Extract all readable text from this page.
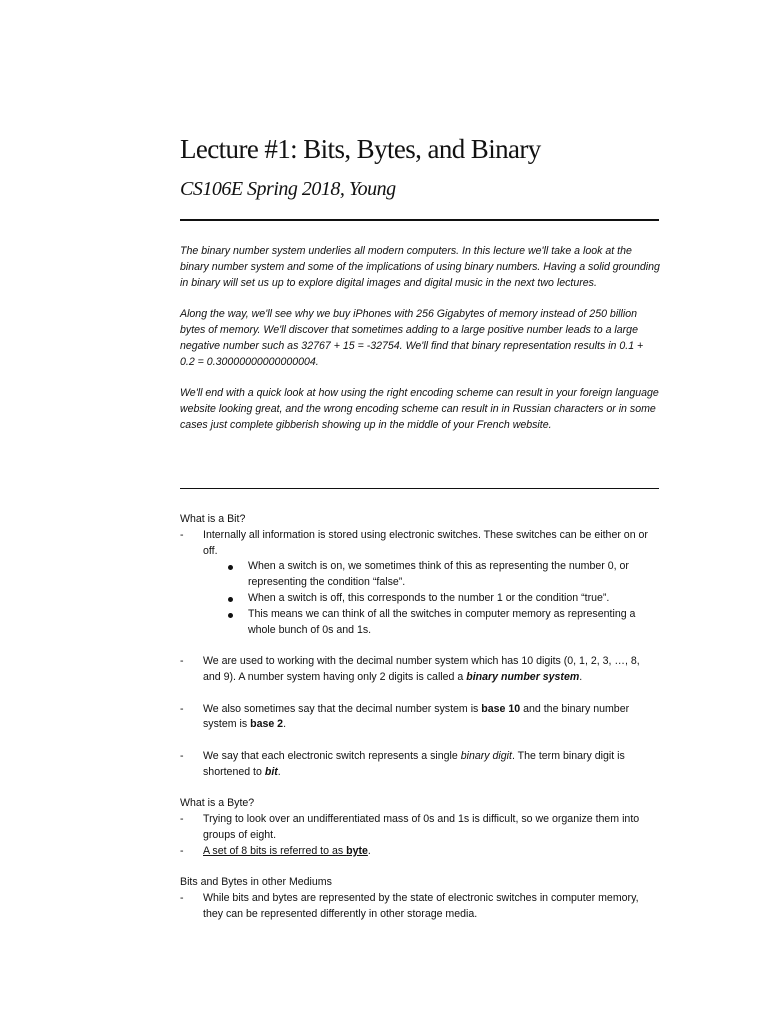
Lecture #1: Bits, Bytes, and Binary
CS106E Spring 2018, Young

The binary number system underlies all modern computers. In this lecture we'll take a look at the binary number system and some of the implications of using binary numbers. Having a solid grounding in binary will set us up to explore digital images and digital music in the next two lectures.

Along the way, we'll see why we buy iPhones with 256 Gigabytes of memory instead of 250 billion bytes of memory. We'll discover that sometimes adding to a large positive number leads to a large negative number such as 32767 + 15 = -32754. We'll find that binary representation results in 0.1 + 0.2 = 0.30000000000000004.

We'll end with a quick look at how using the right encoding scheme can result in your foreign language website looking great, and the wrong encoding scheme can result in in Russian characters or in some cases just complete gibberish showing up in the middle of your French website.

What is a Bit?

- Internally all information is stored using electronic switches. These switches can be either on or off.
When a switch is on, we sometimes think of this as representing the number 0, or representing the condition “false”.
When a switch is off, this corresponds to the number 1 or the condition “true”.
This means we can think of all the switches in computer memory as representing a whole bunch of 0s and 1s.
- We are used to working with the decimal number system which has 10 digits (0, 1, 2, 3, …, 8, and 9). A number system having only 2 digits is called a binary number system.
- We also sometimes say that the decimal number system is base 10 and the binary number system is base 2.
- We say that each electronic switch represents a single binary digit. The term binary digit is shortened to bit.

What is a Byte?

- Trying to look over an undifferentiated mass of 0s and 1s is difficult, so we organize them into groups of eight.
- A set of 8 bits is referred to as byte.

Bits and Bytes in other Mediums

- While bits and bytes are represented by the state of electronic switches in computer memory, they can be represented differently in other storage media.
